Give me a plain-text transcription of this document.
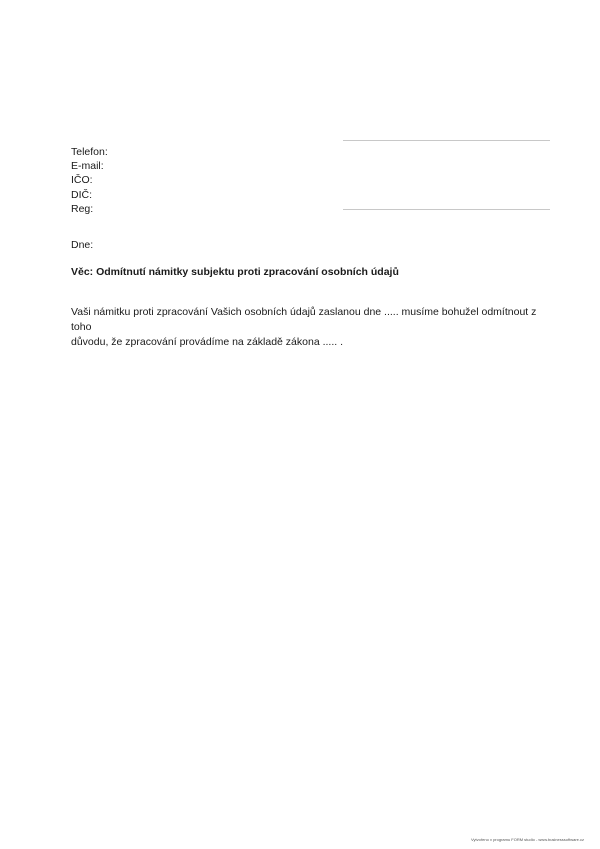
Telefon:
E-mail:
IČO:
DIČ:
Reg:
Dne:
Věc: Odmítnutí námitky subjektu proti zpracování osobních údajů
Vaši námitku proti zpracování Vašich osobních údajů zaslanou dne ..... musíme bohužel odmítnout z toho
důvodu, že zpracování provádíme na základě zákona ..... .
Vytvořeno v programu FORM studio - www.businesssoftware.cz
